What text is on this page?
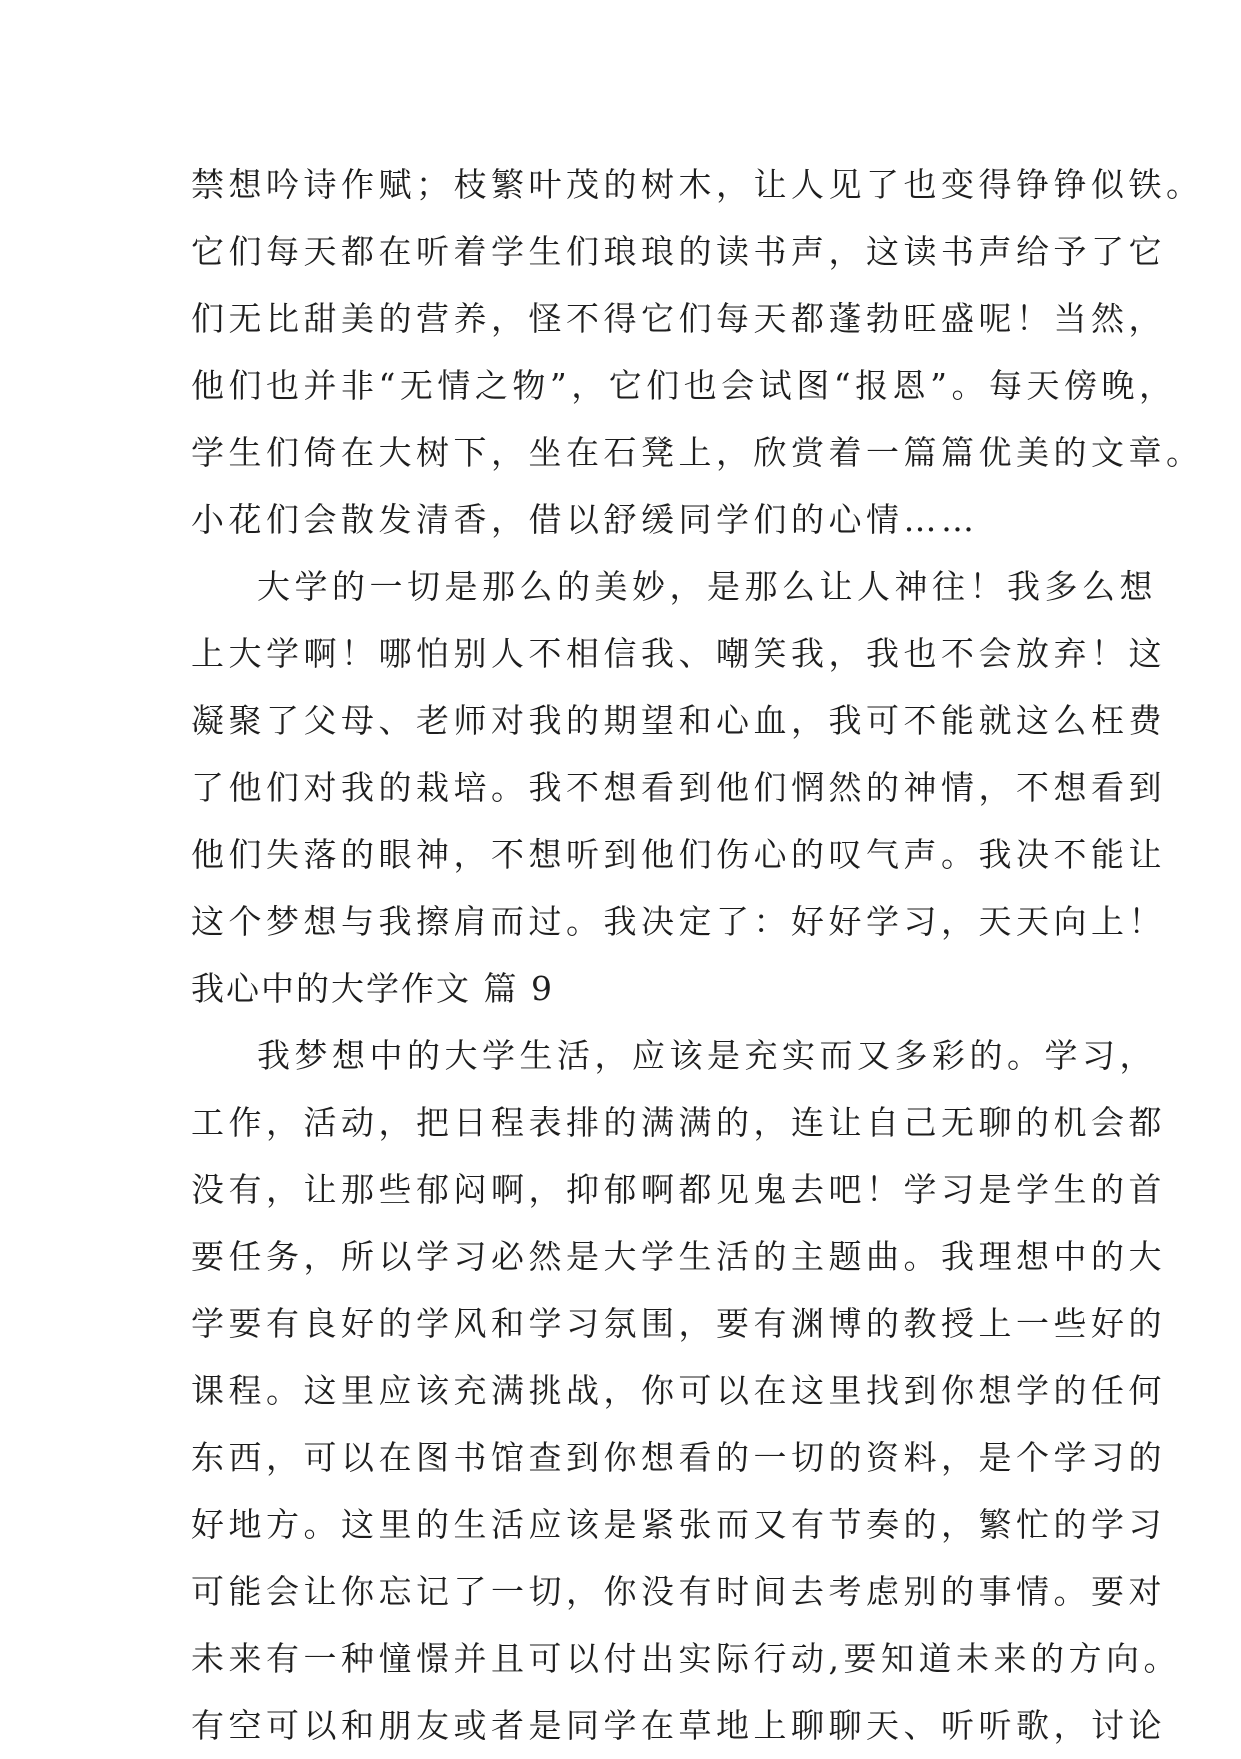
禁想吟诗作赋；枝繁叶茂的树木，让人见了也变得铮铮似铁。
它们每天都在听着学生们琅琅的读书声，这读书声给予了它
们无比甜美的营养，怪不得它们每天都蓬勃旺盛呢！当然，
他们也并非“无情之物”，它们也会试图“报恩”。每天傍晚，
学生们倚在大树下，坐在石凳上，欣赏着一篇篇优美的文章。
小花们会散发清香，借以舒缓同学们的心情……
大学的一切是那么的美妙，是那么让人神往！我多么想
上大学啊！哪怕别人不相信我、嘲笑我，我也不会放弃！这
凝聚了父母、老师对我的期望和心血，我可不能就这么枉费
了他们对我的栽培。我不想看到他们惘然的神情，不想看到
他们失落的眼神，不想听到他们伤心的叹气声。我决不能让
这个梦想与我擦肩而过。我决定了：好好学习，天天向上！
我心中的大学作文 篇 9
我梦想中的大学生活，应该是充实而又多彩的。学习，
工作，活动，把日程表排的满满的，连让自己无聊的机会都
没有，让那些郁闷啊，抑郁啊都见鬼去吧！学习是学生的首
要任务，所以学习必然是大学生活的主题曲。我理想中的大
学要有良好的学风和学习氛围，要有渊博的教授上一些好的
课程。这里应该充满挑战，你可以在这里找到你想学的任何
东西，可以在图书馆查到你想看的一切的资料，是个学习的
好地方。这里的生活应该是紧张而又有节奏的，繁忙的学习
可能会让你忘记了一切，你没有时间去考虑别的事情。要对
未来有一种憧憬并且可以付出实际行动,要知道未来的方向。
有空可以和朋友或者是同学在草地上聊聊天、听听歌，讨论
